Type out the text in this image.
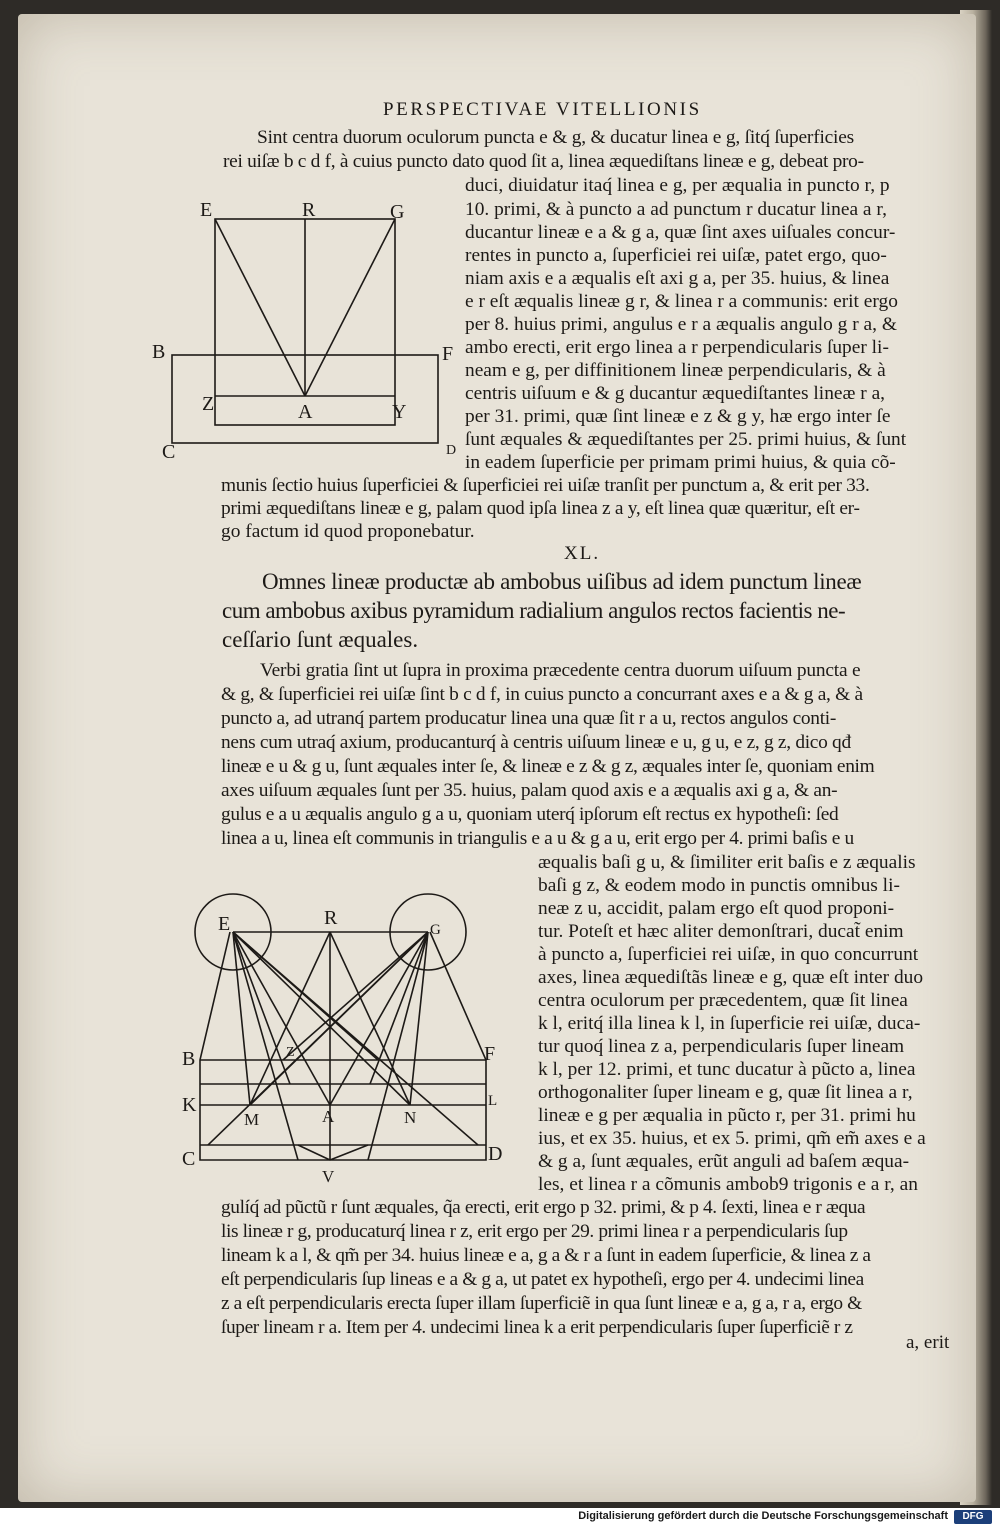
PERSPECTIVAE VITELLIONIS
Sint centra duorum oculorum puncta e & g, & ducatur linea e g, ſitq́ ſuperficies
rei uiſæ b c d f, à cuius puncto dato quod ſit a, linea æquediſtans lineæ e g, debeat pro-
duci, diuidatur itaq́ linea e g, per æqualia in puncto r, p
10. primi, & à puncto a ad punctum r ducatur linea a r,
ducantur lineæ e a & g a, quæ ſint axes uiſuales concur-
rentes in puncto a, ſuperficiei rei uiſæ, patet ergo, quo-
niam axis e a æqualis eſt axi g a, per 35. huius, & linea
e r eſt æqualis lineæ g r, & linea r a communis: erit ergo
per 8. huius primi, angulus e r a æqualis angulo g r a, &
ambo erecti, erit ergo linea a r perpendicularis ſuper li-
neam e g, per diffinitionem lineæ perpendicularis, & à
centris uiſuum e & g ducantur æquediſtantes lineæ r a,
per 31. primi, quæ ſint lineæ e z & g y, hæ ergo inter ſe
ſunt æquales & æquediſtantes per 25. primi huius, & ſunt
in eadem ſuperficie per primam primi huius, & quia cõ-
munis ſectio huius ſuperficiei & ſuperficiei rei uiſæ tranſit per punctum a, & erit per 33.
primi æquediſtans lineæ e g, palam quod ipſa linea z a y, eſt linea quæ quæritur, eſt er-
go factum id quod proponebatur.
E	R	G
B	F
Z	A	Y
C	D
XL.
Omnes lineæ productæ ab ambobus uiſibus ad idem punctum lineæ
cum ambobus axibus pyramidum radialium angulos rectos facientis ne-
ceſſario ſunt æquales.
Verbi gratia ſint ut ſupra in proxima præcedente centra duorum uiſuum puncta e
& g, & ſuperficiei rei uiſæ ſint b c d f, in cuius puncto a concurrant axes e a & g a, & à
puncto a, ad utranq́ partem producatur linea una quæ ſit r a u, rectos angulos conti-
nens cum utraq́ axium, producanturq́ à centris uiſuum lineæ e u, g u, e z, g z, dico qđ
lineæ e u & g u, ſunt æquales inter ſe, & lineæ e z & g z, æquales inter ſe, quoniam enim
axes uiſuum æquales ſunt per 35. huius, palam quod axis e a æqualis axi g a, & an-
gulus e a u æqualis angulo g a u, quoniam uterq́ ipſorum eſt rectus ex hypotheſi: ſed
linea a u, linea eſt communis in triangulis e a u & g a u, erit ergo per 4. primi baſis e u
æqualis baſi g u, & ſimiliter erit baſis e z æqualis
baſi g z, & eodem modo in punctis omnibus li-
neæ z u, accidit, palam ergo eſt quod proponi-
tur. Poteſt et hæc aliter demonſtrari, ducat̃ enim
à puncto a, ſuperficiei rei uiſæ, in quo concurrunt
axes, linea æquediſtãs lineæ e g, quæ eſt inter duo
centra oculorum per præcedentem, quæ ſit linea
k l, eritq́ illa linea k l, in ſuperficie rei uiſæ, duca-
tur quoq́ linea z a, perpendicularis ſuper lineam
k l, per 12. primi, et tunc ducatur à pũcto a, linea
orthogonaliter ſuper lineam e g, quæ ſit linea a r,
lineæ e g per æqualia in pũcto r, per 31. primi hu
ius, et ex 35. huius, et ex 5. primi, qm̃ em̃ axes e a
& g a, ſunt æquales, erũt anguli ad baſem æqua-
les, et linea r a cõmunis ambob9 trigonis e a r, an
gulíq́ ad pũctũ r ſunt æquales, q̃a erecti, erit ergo p 32. primi, & p 4. ſexti, linea e r æqua
lis lineæ r g, producaturq́ linea r z, erit ergo per 29. primi linea r a perpendicularis ſup
lineam k a l, & qm̃ per 34. huius lineæ e a, g a & r a ſunt in eadem ſuperficie, & linea z a
eſt perpendicularis ſup lineas e a & g a, ut patet ex hypotheſi, ergo per 4. undecimi linea
z a eſt perpendicularis erecta ſuper illam ſuperficiẽ in qua ſunt lineæ e a, g a, r a, ergo &
ſuper lineam r a. Item per 4. undecimi linea k a erit perpendicularis ſuper ſuperficiẽ r z
a, erit
E	R
G
B	F
Z
K	L
M	A	N
C
V
D
Digitalisierung gefördert durch die Deutsche Forschungsgemeinschaft	DFG
